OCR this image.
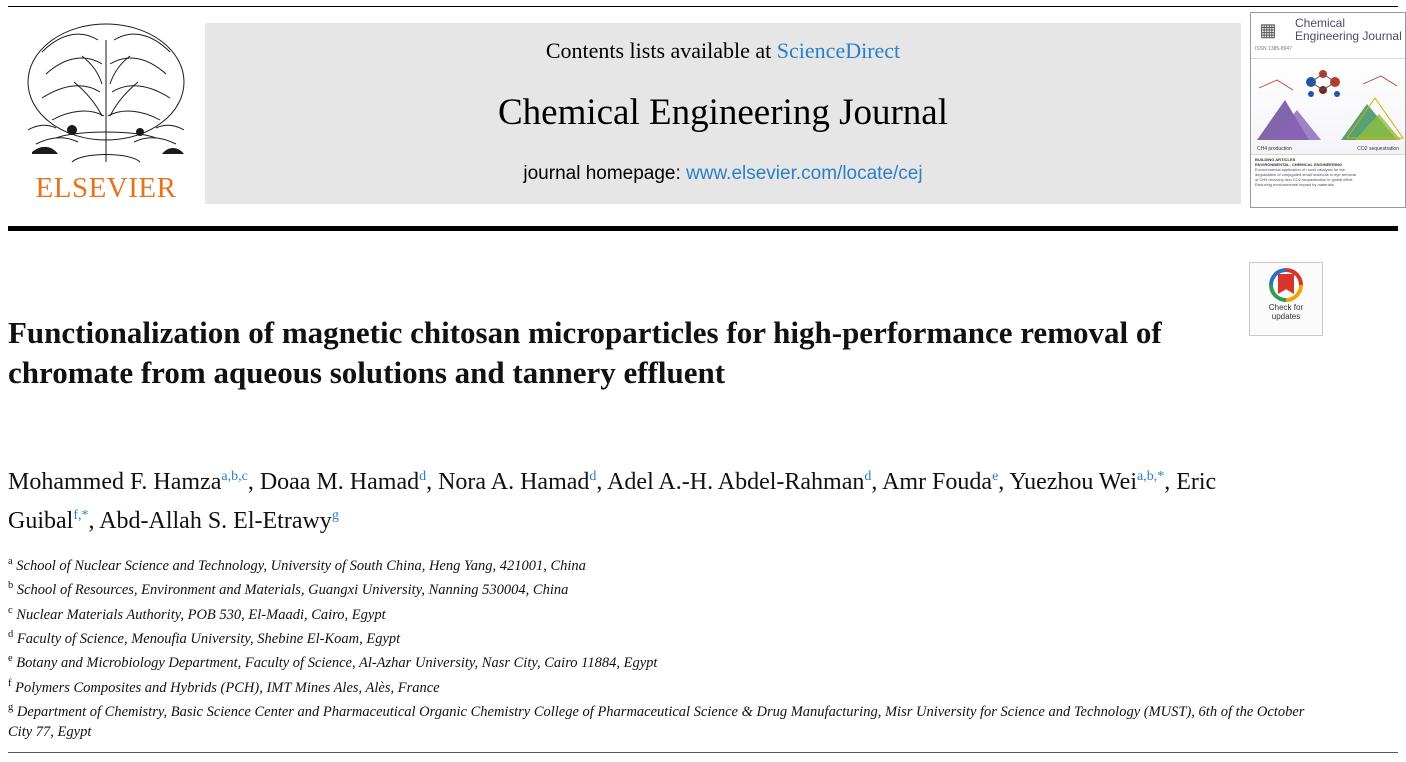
ELSEVIER
Contents lists available at ScienceDirect
Chemical Engineering Journal
journal homepage: www.elsevier.com/locate/cej
▦
ISSN 1385-8947
Chemical Engineering Journal
CH4 production	CO2 sequestration
BUILDING ARTICLES
ENVIRONMENTAL, CHEMICAL ENGINEERING
Environmental application of novel catalysts for the
degradation of conjugated small molecule in dye removal
of CH4 recovery and CO2 sequestration in global effort.
Reducing environmental impact by materials.
Check for
updates
Functionalization of magnetic chitosan microparticles for high-performance removal of chromate from aqueous solutions and tannery effluent
Mohammed F. Hamza$^{a,b,c}$, Doaa M. Hamad$^d$, Nora A. Hamad$^d$, Adel A.-H. Abdel-Rahman$^d$, Amr Fouda$^e$, Yuezhou Wei$^{a,b,*}$, Eric Guibal$^{f,*}$, Abd-Allah S. El-Etrawy$^g$
$^a$ School of Nuclear Science and Technology, University of South China, Heng Yang, 421001, China
$^b$ School of Resources, Environment and Materials, Guangxi University, Nanning 530004, China
$^c$ Nuclear Materials Authority, POB 530, El-Maadi, Cairo, Egypt
$^d$ Faculty of Science, Menoufia University, Shebine El-Koam, Egypt
$^e$ Botany and Microbiology Department, Faculty of Science, Al-Azhar University, Nasr City, Cairo 11884, Egypt
$^f$ Polymers Composites and Hybrids (PCH), IMT Mines Ales, Alès, France
$^g$ Department of Chemistry, Basic Science Center and Pharmaceutical Organic Chemistry College of Pharmaceutical Science & Drug Manufacturing, Misr University for Science and Technology (MUST), 6th of the October City 77, Egypt
